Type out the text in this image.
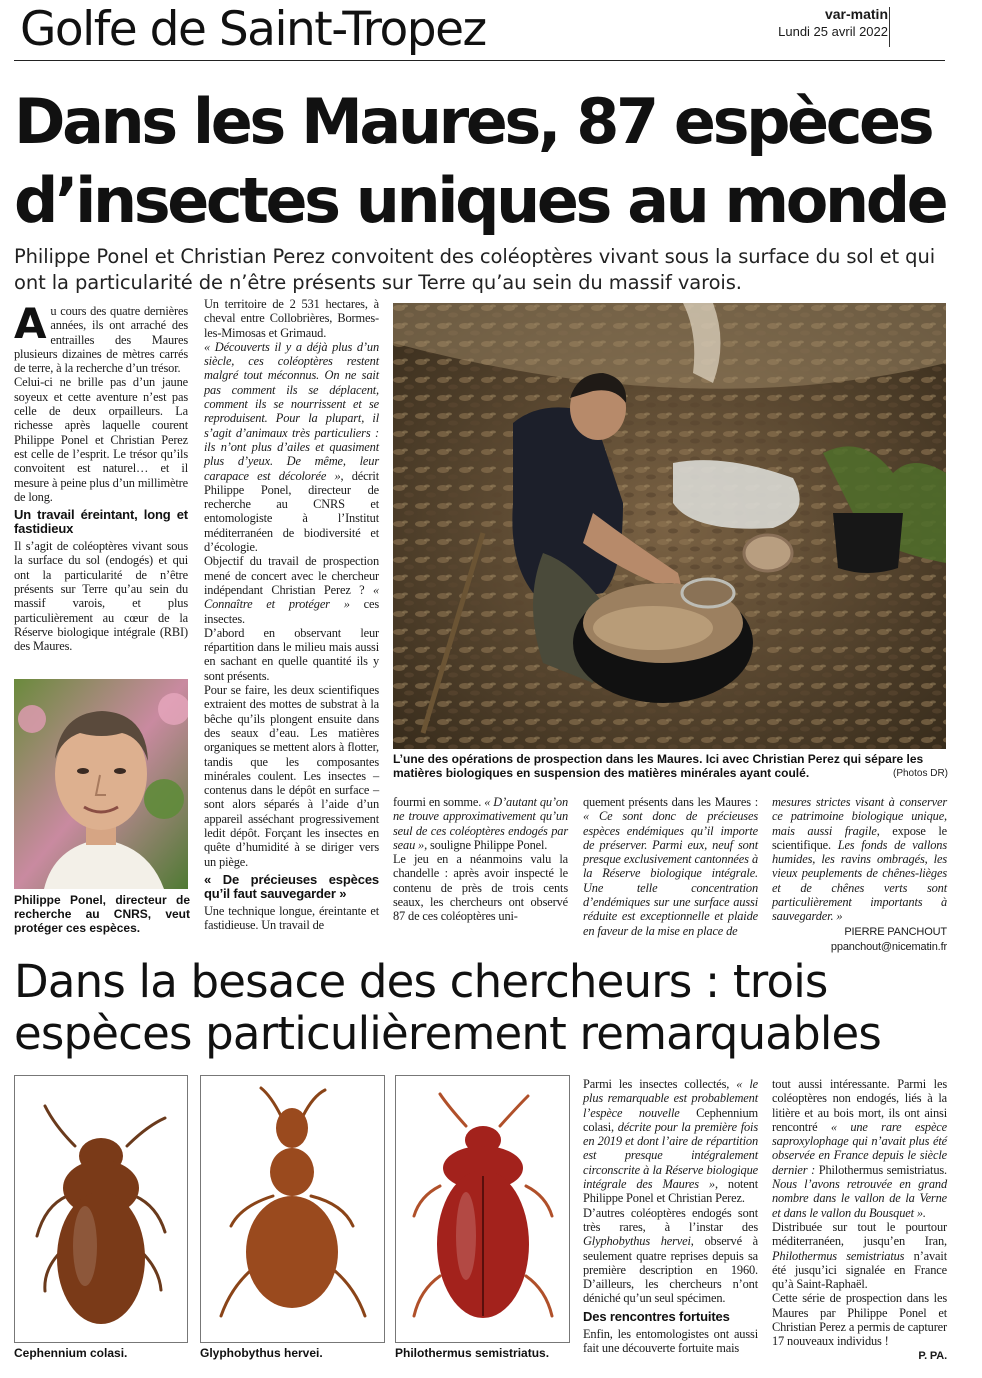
Golfe de Saint-Tropez	var-matin
Lundi 25 avril 2022
Dans les Maures, 87 espèces d’insectes uniques au monde
Philippe Ponel et Christian Perez convoitent des coléoptères vivant sous la surface du sol et qui ont la particularité de n’être présents sur Terre qu’au sein du massif varois.

Au cours des quatre dernières années, ils ont arraché des entrailles des Maures plusieurs dizaines de mètres carrés de terre, à la recherche d’un trésor.

Celui-ci ne brille pas d’un jaune soyeux et cette aventure n’est pas celle de deux orpailleurs. La richesse après laquelle courent Philippe Ponel et Christian Perez est celle de l’esprit. Le trésor qu’ils convoitent est naturel… et il mesure à peine plus d’un millimètre de long.

Un travail éreintant, long et fastidieux

Il s’agit de coléoptères vivant sous la surface du sol (endogés) et qui ont la particularité de n’être présents sur Terre qu’au sein du massif varois, et plus particulièrement au cœur de la Réserve biologique intégrale (RBI) des Maures.

Philippe Ponel, directeur de recherche au CNRS, veut protéger ces espèces.

Un territoire de 2 531 hectares, à cheval entre Collobrières, Bormes-les-Mimosas et Grimaud.

« Découverts il y a déjà plus d’un siècle, ces coléoptères restent malgré tout méconnus. On ne sait pas comment ils se déplacent, comment ils se nourrissent et se reproduisent. Pour la plupart, il s’agit d’animaux très particuliers : ils n’ont plus d’ailes et quasiment plus d’yeux. De même, leur carapace est décolorée », décrit Philippe Ponel, directeur de recherche au CNRS et entomologiste à l’Institut méditerranéen de biodiversité et d’écologie.

Objectif du travail de prospection mené de concert avec le chercheur indépendant Christian Perez ? « Connaître et protéger » ces insectes.

D’abord en observant leur répartition dans le milieu mais aussi en sachant en quelle quantité ils y sont présents.

Pour se faire, les deux scientifiques extraient des mottes de substrat à la bêche qu’ils plongent ensuite dans des seaux d’eau. Les matières organiques se mettent alors à flotter, tandis que les composantes minérales coulent. Les insectes – contenus dans le dépôt en surface – sont alors séparés à l’aide d’un appareil asséchant progressivement ledit dépôt. Forçant les insectes en quête d’humidité à se diriger vers un piège.

« De précieuses espèces qu’il faut sauvegarder »

Une technique longue, éreintante et fastidieuse. Un travail de

L’une des opérations de prospection dans les Maures. Ici avec Christian Perez qui sépare les matières biologiques en suspension des matières minérales ayant coulé.	(Photos DR)

fourmi en somme. « D’autant qu’on ne trouve approximativement qu’un seul de ces coléoptères endogés par seau », souligne Philippe Ponel.

Le jeu en a néanmoins valu la chandelle : après avoir inspecté le contenu de près de trois cents seaux, les chercheurs ont observé 87 de ces coléoptères uni-

quement présents dans les Maures : « Ce sont donc de précieuses espèces endémiques qu’il importe de préserver. Parmi eux, neuf sont presque exclusivement cantonnées à la Réserve biologique intégrale. Une telle concentration d’endémiques sur une surface aussi réduite est exceptionnelle et plaide en faveur de la mise en place de

mesures strictes visant à conserver ce patrimoine biologique unique, mais aussi fragile, expose le scientifique. Les fonds de vallons humides, les ravins ombragés, les vieux peuplements de chênes-lièges et de chênes verts sont particulièrement importants à sauvegarder. »

PIERRE PANCHOUT
ppanchout@nicematin.fr
Dans la besace des chercheurs : trois espèces particulièrement remarquables
Cephennium colasi.	Glyphobythus hervei.	Philothermus semistriatus.

Parmi les insectes collectés, « le plus remarquable est probablement l’espèce nouvelle Cephennium colasi, décrite pour la première fois en 2019 et dont l’aire de répartition est presque intégralement circonscrite à la Réserve biologique intégrale des Maures », notent Philippe Ponel et Christian Perez.

D’autres coléoptères endogés sont très rares, à l’instar des Glyphobythus hervei, observé à seulement quatre reprises depuis sa première description en 1960. D’ailleurs, les chercheurs n’ont déniché qu’un seul spécimen.

Des rencontres fortuites

Enfin, les entomologistes ont aussi fait une découverte fortuite mais

tout aussi intéressante. Parmi les coléoptères non endogés, liés à la litière et au bois mort, ils ont ainsi rencontré « une rare espèce saproxylophage qui n’avait plus été observée en France depuis le siècle dernier : Philothermus semistriatus. Nous l’avons retrouvée en grand nombre dans le vallon de la Verne et dans le vallon du Bousquet ».

Distribuée sur tout le pourtour méditerranéen, jusqu’en Iran, Philothermus semistriatus n’avait été jusqu’ici signalée en France qu’à Saint-Raphaël.

Cette série de prospection dans les Maures par Philippe Ponel et Christian Perez a permis de capturer 17 nouveaux individus !

P. PA.
